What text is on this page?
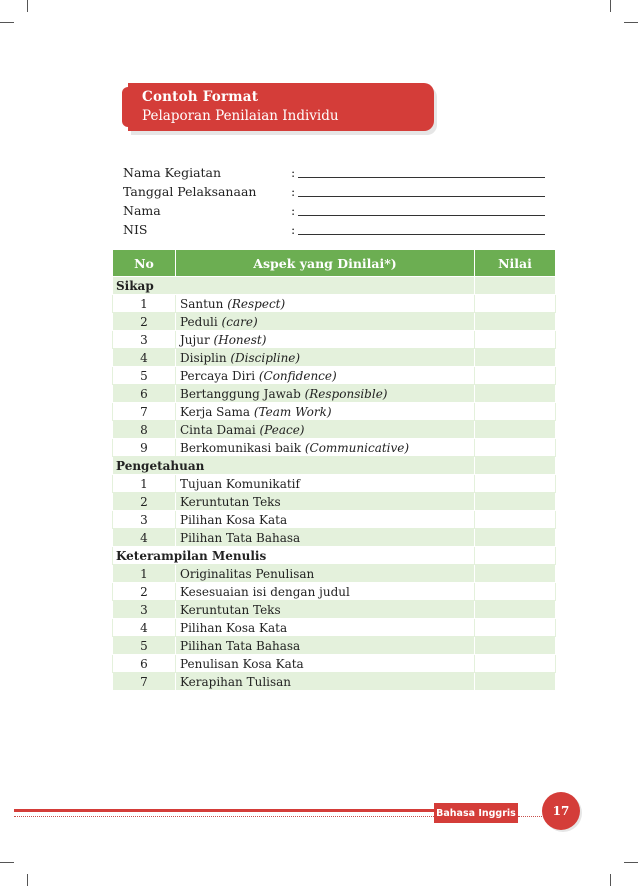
Contoh Format
Pelaporan Penilaian Individu
Nama Kegiatan	:
Tanggal Pelaksanaan	:
Nama	:
NIS	:
No	Aspek yang Dinilai*)	Nilai
Sikap		
1	Santun (Respect)	
2	Peduli (care)	
3	Jujur (Honest)	
4	Disiplin (Discipline)	
5	Percaya Diri (Confidence)	
6	Bertanggung Jawab (Responsible)	
7	Kerja Sama (Team Work)	
8	Cinta Damai (Peace)	
9	Berkomunikasi baik (Communicative)	
Pengetahuan		
1	Tujuan Komunikatif	
2	Keruntutan Teks	
3	Pilihan Kosa Kata	
4	Pilihan Tata Bahasa	
Keterampilan Menulis		
1	Originalitas Penulisan	
2	Kesesuaian isi dengan judul	
3	Keruntutan Teks	
4	Pilihan Kosa Kata	
5	Pilihan Tata Bahasa	
6	Penulisan Kosa Kata	
7	Kerapihan Tulisan	
Bahasa Inggris	17
